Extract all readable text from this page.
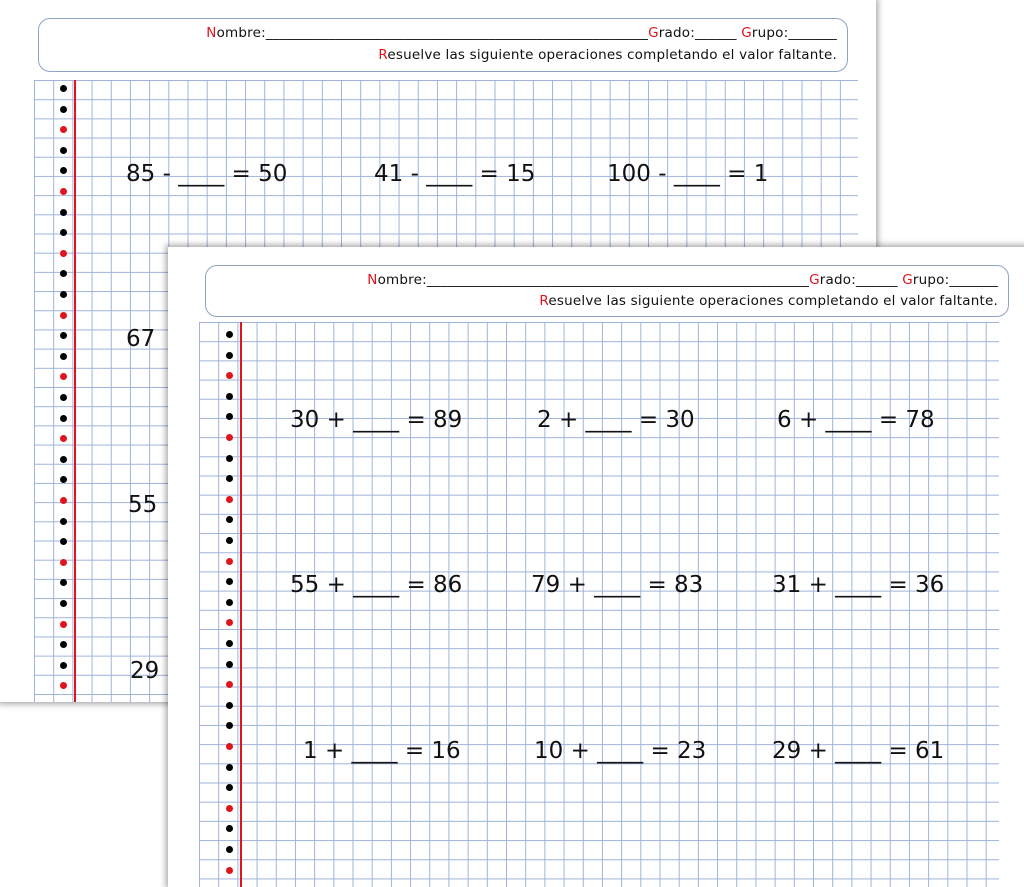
Nombre:_______________________________________________________Grado:______ Grupo:_______
Resuelve las siguiente operaciones completando el valor faltante.
85 - ____ = 50	41 - ____ = 15	100 - ____ = 1
67
55
29
Nombre:_______________________________________________________Grado:______ Grupo:_______
Resuelve las siguiente operaciones completando el valor faltante.
30 + ____ = 89	2 + ____ = 30	6 + ____ = 78
55 + ____ = 86	79 + ____ = 83	31 + ____ = 36
1 + ____ = 16	10 + ____ = 23	29 + ____ = 61
